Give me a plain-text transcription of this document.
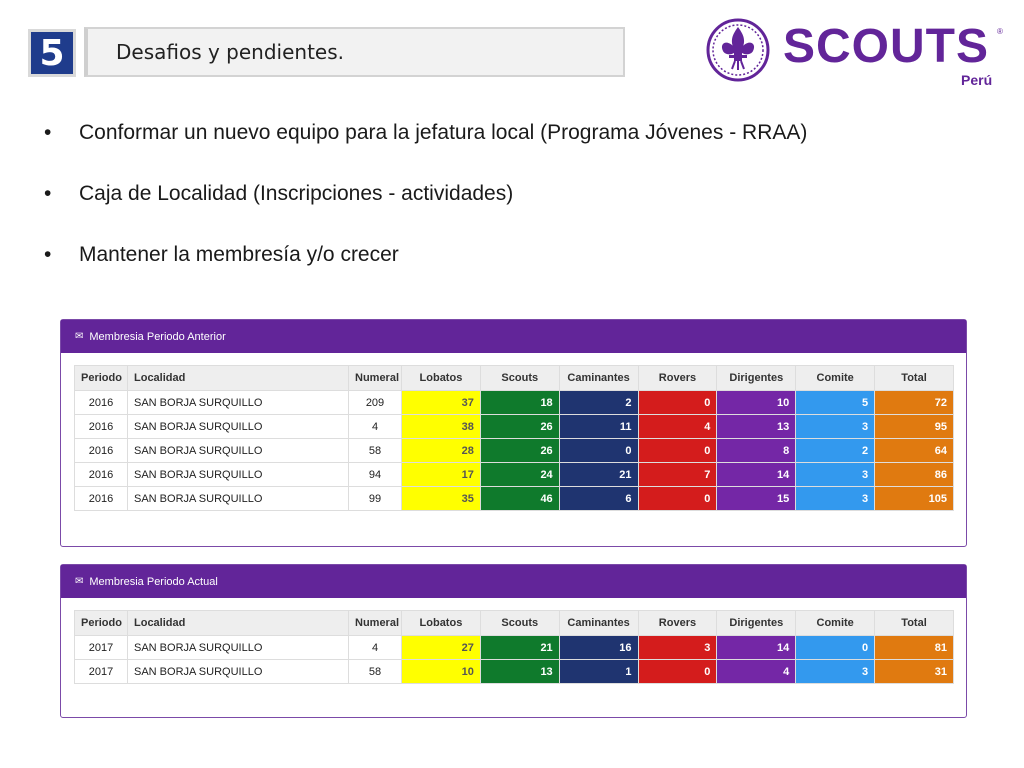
5	Desafios y pendientes.	SCOUTS ®
Perú
• Conformar un nuevo equipo para la jefatura local (Programa Jóvenes - RRAA)
• Caja de Localidad (Inscripciones - actividades)
• Mantener la membresía y/o crecer
✉ Membresia Periodo Anterior
Periodo	Localidad	Numeral	Lobatos	Scouts	Caminantes	Rovers	Dirigentes	Comite	Total
2016	SAN BORJA SURQUILLO	209	37	18	2	0	10	5	72
2016	SAN BORJA SURQUILLO	4	38	26	11	4	13	3	95
2016	SAN BORJA SURQUILLO	58	28	26	0	0	8	2	64
2016	SAN BORJA SURQUILLO	94	17	24	21	7	14	3	86
2016	SAN BORJA SURQUILLO	99	35	46	6	0	15	3	105
✉ Membresia Periodo Actual
Periodo	Localidad	Numeral	Lobatos	Scouts	Caminantes	Rovers	Dirigentes	Comite	Total
2017	SAN BORJA SURQUILLO	4	27	21	16	3	14	0	81
2017	SAN BORJA SURQUILLO	58	10	13	1	0	4	3	31
